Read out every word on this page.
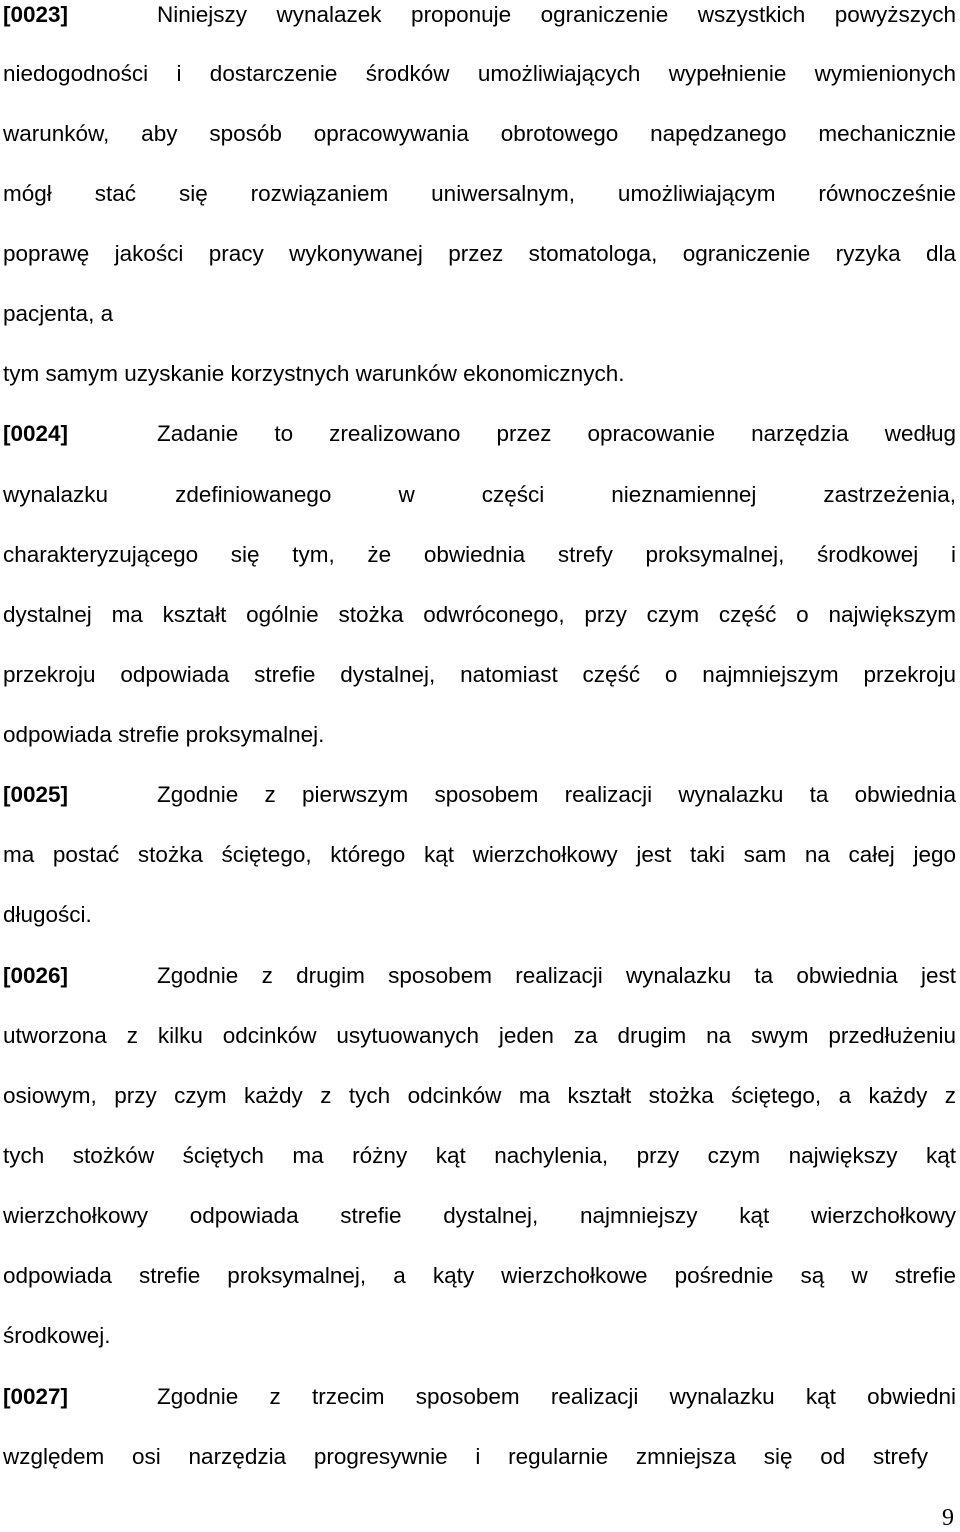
[0023]	Niniejszy wynalazek proponuje ograniczenie wszystkich powyższych
niedogodności i dostarczenie środków umożliwiających wypełnienie wymienionych
warunków, aby sposób opracowywania obrotowego napędzanego mechanicznie
mógł stać się rozwiązaniem uniwersalnym, umożliwiającym równocześnie
poprawę jakości pracy wykonywanej przez stomatologa, ograniczenie ryzyka dla
pacjenta, a
tym samym uzyskanie korzystnych warunków ekonomicznych.
[0024]	Zadanie to zrealizowano przez opracowanie narzędzia według
wynalazku zdefiniowanego w części nieznamiennej zastrzeżenia,
charakteryzującego się tym, że obwiednia strefy proksymalnej, środkowej i
dystalnej ma kształt ogólnie stożka odwróconego, przy czym część o największym
przekroju odpowiada strefie dystalnej, natomiast część o najmniejszym przekroju
odpowiada strefie proksymalnej.
[0025]	Zgodnie z pierwszym sposobem realizacji wynalazku ta obwiednia
ma postać stożka ściętego, którego kąt wierzchołkowy jest taki sam na całej jego
długości.
[0026]	Zgodnie z drugim sposobem realizacji wynalazku ta obwiednia jest
utworzona z kilku odcinków usytuowanych jeden za drugim na swym przedłużeniu
osiowym, przy czym każdy z tych odcinków ma kształt stożka ściętego, a każdy z
tych stożków ściętych ma różny kąt nachylenia, przy czym największy kąt
wierzchołkowy odpowiada strefie dystalnej, najmniejszy kąt wierzchołkowy
odpowiada strefie proksymalnej, a kąty wierzchołkowe pośrednie są w strefie
środkowej.
[0027]	Zgodnie z trzecim sposobem realizacji wynalazku kąt obwiedni
względem osi narzędzia progresywnie i regularnie zmniejsza się od strefy
9
